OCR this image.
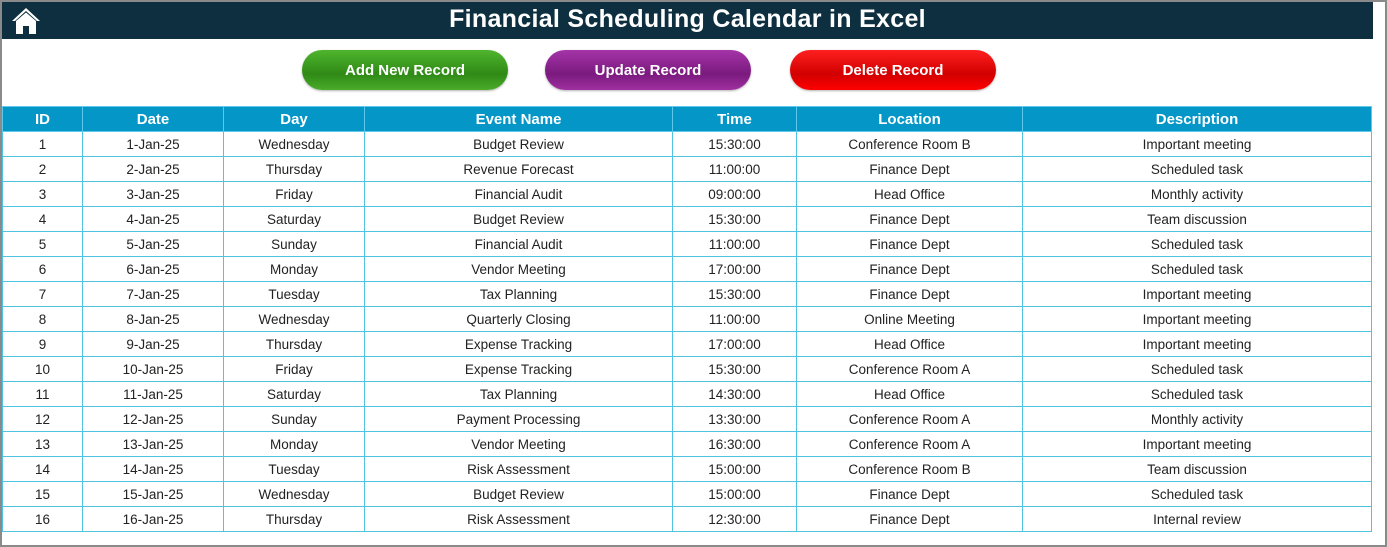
Financial Scheduling Calendar in Excel
Add New Record	Update Record	Delete Record
ID	Date	Day	Event Name	Time	Location	Description
1	1-Jan-25	Wednesday	Budget Review	15:30:00	Conference Room B	Important meeting
2	2-Jan-25	Thursday	Revenue Forecast	11:00:00	Finance Dept	Scheduled task
3	3-Jan-25	Friday	Financial Audit	09:00:00	Head Office	Monthly activity
4	4-Jan-25	Saturday	Budget Review	15:30:00	Finance Dept	Team discussion
5	5-Jan-25	Sunday	Financial Audit	11:00:00	Finance Dept	Scheduled task
6	6-Jan-25	Monday	Vendor Meeting	17:00:00	Finance Dept	Scheduled task
7	7-Jan-25	Tuesday	Tax Planning	15:30:00	Finance Dept	Important meeting
8	8-Jan-25	Wednesday	Quarterly Closing	11:00:00	Online Meeting	Important meeting
9	9-Jan-25	Thursday	Expense Tracking	17:00:00	Head Office	Important meeting
10	10-Jan-25	Friday	Expense Tracking	15:30:00	Conference Room A	Scheduled task
11	11-Jan-25	Saturday	Tax Planning	14:30:00	Head Office	Scheduled task
12	12-Jan-25	Sunday	Payment Processing	13:30:00	Conference Room A	Monthly activity
13	13-Jan-25	Monday	Vendor Meeting	16:30:00	Conference Room A	Important meeting
14	14-Jan-25	Tuesday	Risk Assessment	15:00:00	Conference Room B	Team discussion
15	15-Jan-25	Wednesday	Budget Review	15:00:00	Finance Dept	Scheduled task
16	16-Jan-25	Thursday	Risk Assessment	12:30:00	Finance Dept	Internal review
